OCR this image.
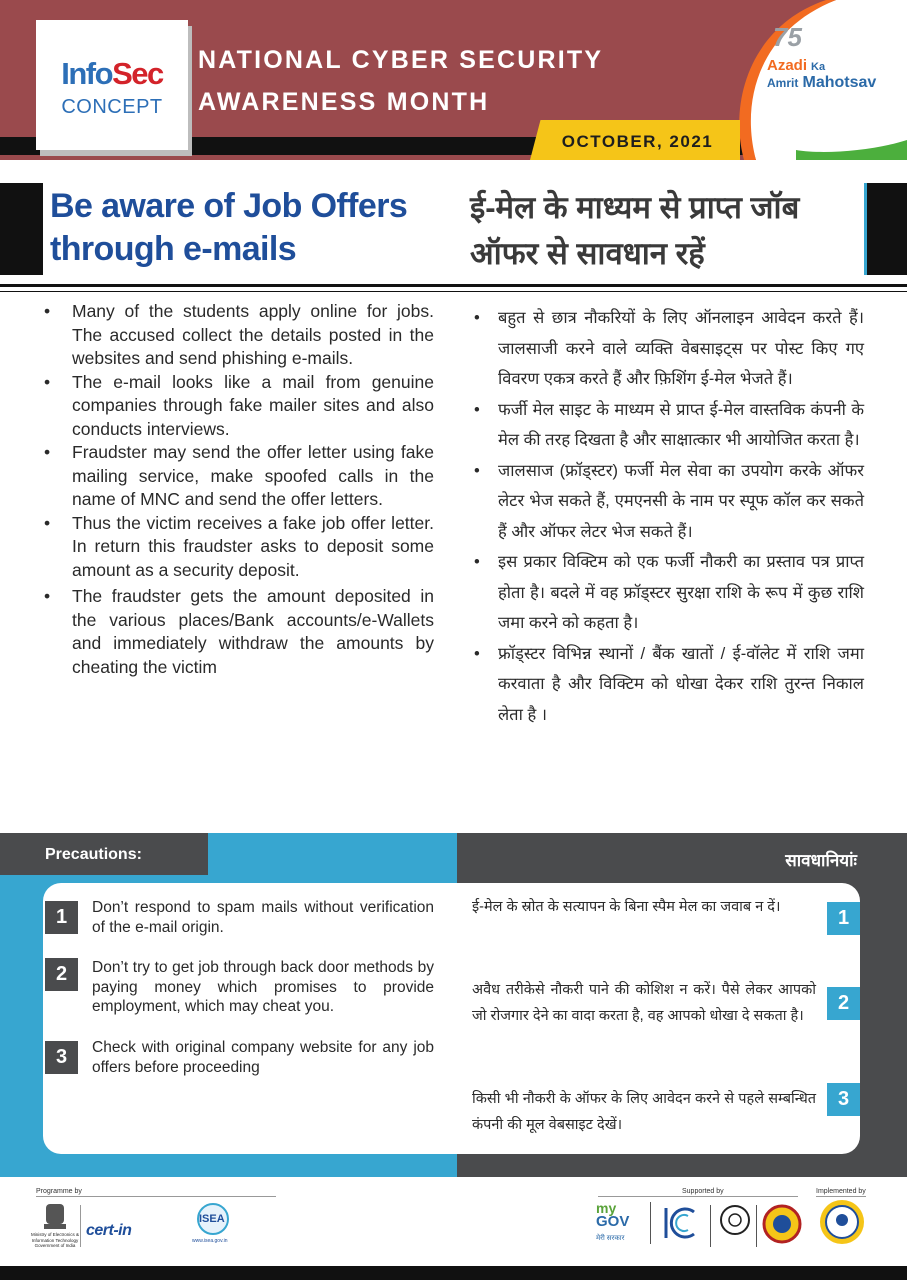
InfoSec
CONCEPT
NATIONAL CYBER SECURITY
AWARENESS MONTH
OCTOBER, 2021
75
Azadi Ka
Amrit Mahotsav
Be aware of Job Offers through e-mails
ई-मेल के माध्यम से प्राप्त जॉब ऑफर से सावधान रहें
• Many of the students apply online for jobs. The accused collect the details posted in the websites and send phishing e-mails.
• The e-mail looks like a mail from genuine companies through fake mailer sites and also conducts interviews.
• Fraudster may send the offer letter using fake mailing service, make spoofed calls in the name of MNC and send the offer letters.
• Thus the victim receives a fake job offer letter. In return this fraudster asks to deposit some amount as a security deposit.
• The fraudster gets the amount deposited in the various places/Bank accounts/e-Wallets and immediately withdraw the amounts by cheating the victim
• बहुत से छात्र नौकरियों के लिए ऑनलाइन आवेदन करते हैं। जालसाजी करने वाले व्यक्ति वेबसाइट्स पर पोस्ट किए गए विवरण एकत्र करते हैं और फ़िशिंग ई-मेल भेजते हैं।
• फर्जी मेल साइट के माध्यम से प्राप्त ई-मेल वास्तविक कंपनी के मेल की तरह दिखता है और साक्षात्कार भी आयोजित करता है।
• जालसाज (फ्रॉड्स्टर) फर्जी मेल सेवा का उपयोग करके ऑफर लेटर भेज सकते हैं, एमएनसी के नाम पर स्पूफ कॉल कर सकते हैं और ऑफर लेटर भेज सकते हैं।
• इस प्रकार विक्टिम को एक फर्जी नौकरी का प्रस्ताव पत्र प्राप्त होता है। बदले में वह फ्रॉड्स्टर सुरक्षा राशि के रूप में कुछ राशि जमा करने को कहता है।
• फ्रॉड्स्टर विभिन्न स्थानों / बैंक खातों / ई-वॉलेट में राशि जमा करवाता है और विक्टिम को धोखा देकर राशि तुरन्त निकाल लेता है ।
Precautions:	सावधानियांः
1	Don’t respond to spam mails without verification of the e-mail origin.
2	Don’t try to get job through back door methods by paying money which promises to provide employment, which may cheat you.
3	Check with original company website for any job offers before proceeding
ई-मेल के स्रोत के सत्यापन के बिना स्पैम मेल का जवाब न दें।	1
अवैध तरीकेसे नौकरी पाने की कोशिश न करें। पैसे लेकर आपको जो रोजगार देने का वादा करता है, वह आपको धोखा दे सकता है।
2
किसी भी नौकरी के ऑफर के लिए आवेदन करने से पहले सम्बन्धित कंपनी की मूल वेबसाइट देखें।
3
Programme by	Supported by	Implemented by
Ministry of Electronics & Information Technology Government of India
cert-in
ISEA
www.isea.gov.in
my
GOV
मेरी सरकार
